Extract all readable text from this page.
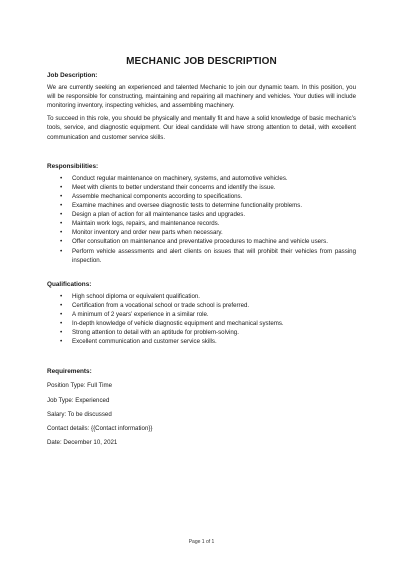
MECHANIC JOB DESCRIPTION

Job Description:

We are currently seeking an experienced and talented Mechanic to join our dynamic team. In this position, you will be responsible for constructing, maintaining and repairing all machinery and vehicles. Your duties will include monitoring inventory, inspecting vehicles, and assembling machinery.

To succeed in this role, you should be physically and mentally fit and have a solid knowledge of basic mechanic’s tools, service, and diagnostic equipment. Our ideal candidate will have strong attention to detail, with excellent communication and customer service skills.

Responsibilities:

• Conduct regular maintenance on machinery, systems, and automotive vehicles.
• Meet with clients to better understand their concerns and identify the issue.
• Assemble mechanical components according to specifications.
• Examine machines and oversee diagnostic tests to determine functionality problems.
• Design a plan of action for all maintenance tasks and upgrades.
• Maintain work logs, repairs, and maintenance records.
• Monitor inventory and order new parts when necessary.
• Offer consultation on maintenance and preventative procedures to machine and vehicle users.
• Perform vehicle assessments and alert clients on issues that will prohibit their vehicles from passing inspection.

Qualifications:

• High school diploma or equivalent qualification.
• Certification from a vocational school or trade school is preferred.
• A minimum of 2 years’ experience in a similar role.
• In-depth knowledge of vehicle diagnostic equipment and mechanical systems.
• Strong attention to detail with an aptitude for problem-solving.
• Excellent communication and customer service skills.

Requirements:

Position Type: Full Time

Job Type: Experienced

Salary: To be discussed

Contact details: {{Contact information}}

Date: December 10, 2021

Page 1 of 1
